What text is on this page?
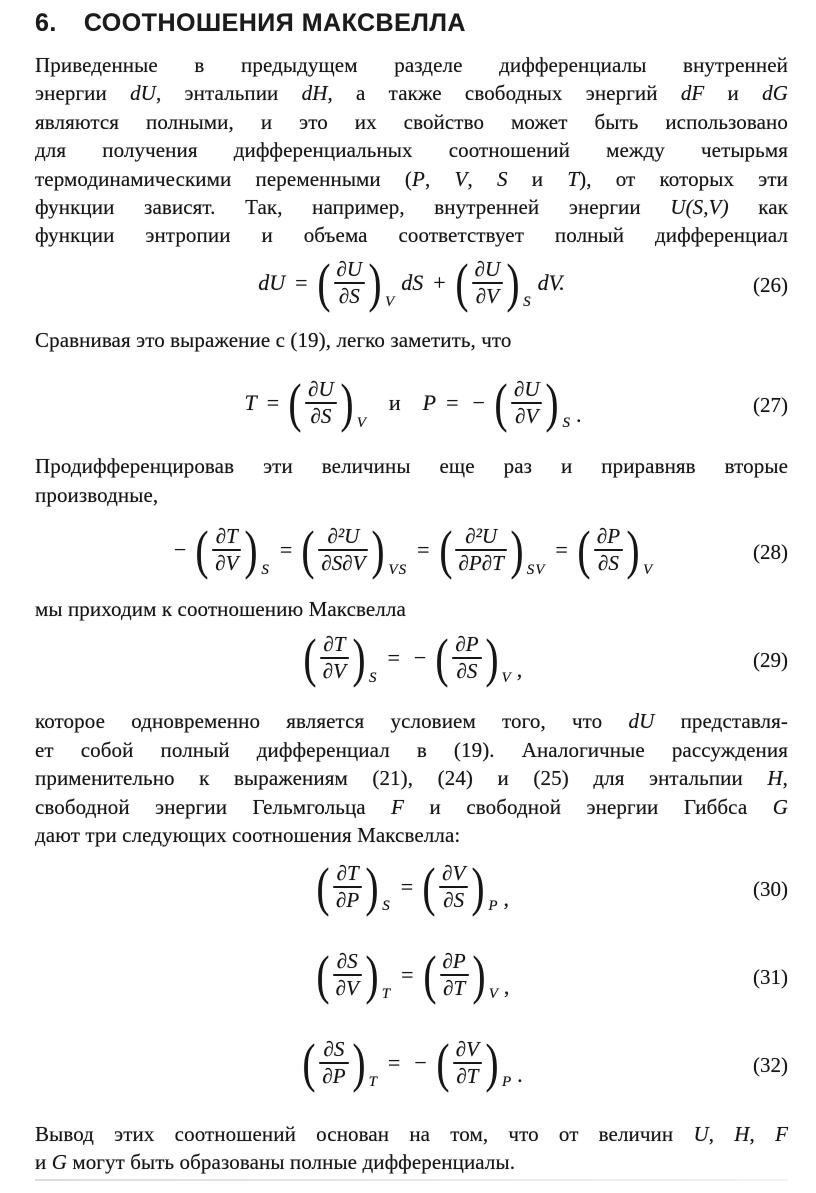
6. СООТНОШЕНИЯ МАКСВЕЛЛА
Приведенные в предыдущем разделе дифференциалы внутренней
энергии dU, энтальпии dH, а также свободных энергий dF и dG
являются полными, и это их свойство может быть использовано
для получения дифференциальных соотношений между четырьмя
термодинамическими переменными (P, V, S и T), от которых эти
функции зависят. Так, например, внутренней энергии U(S,V) как
функции энтропии и объема соответствует полный дифференциал
dU = ( $\frac{\partial U}{\partial S}$ ) V
dS + ( $\frac{\partial U}{\partial V}$ ) S
dV.	(26)
Сравнивая это выражение с (19), легко заметить, что
T = ( $\frac{\partial U}{\partial S}$ ) V
и P = − ( $\frac{\partial U}{\partial V}$ ) S .	(27)
Продифференцировав эти величины еще раз и приравняв вторые
производные,
− ( $\frac{\partial T}{\partial V}$ ) S
= ( $\frac{\text{∂²U}}{\partial S\partial V}$ ) VS
= ( $\frac{\text{∂²U}}{\partial P\partial T}$ ) SV
= ( $\frac{\partial P}{\partial S}$ ) V
(28)
мы приходим к соотношению Максвелла
( $\frac{\partial T}{\partial V}$ ) S
= − ( $\frac{\partial P}{\partial S}$ ) V ,	(29)
которое одновременно является условием того, что dU представля-
ет собой полный дифференциал в (19). Аналогичные рассуждения
применительно к выражениям (21), (24) и (25) для энтальпии H,
свободной энергии Гельмгольца F и свободной энергии Гиббса G
дают три следующих соотношения Максвелла:
( $\frac{\partial T}{\partial P}$ ) S
= ( $\frac{\partial V}{\partial S}$ ) P ,	(30)
( $\frac{\partial S}{\partial V}$ ) T
= ( $\frac{\partial P}{\partial T}$ ) V ,	(31)
( $\frac{\partial S}{\partial P}$ ) T
= − ( $\frac{\partial V}{\partial T}$ ) P .	(32)
Вывод этих соотношений основан на том, что от величин U, H, F
и G могут быть образованы полные дифференциалы.
